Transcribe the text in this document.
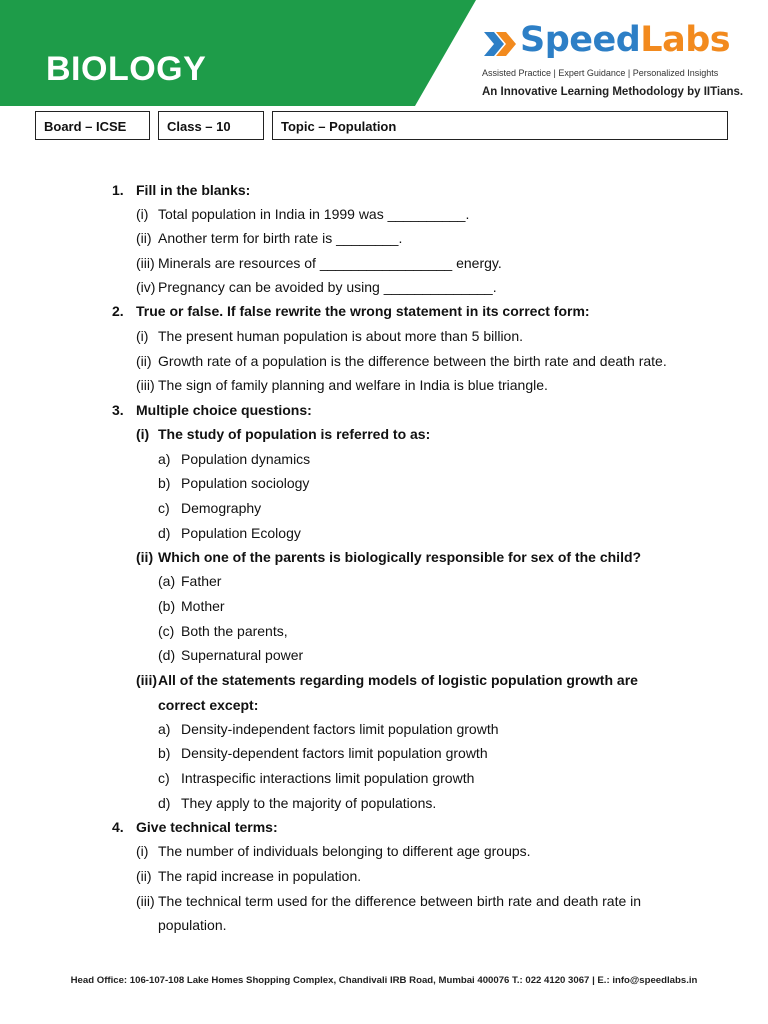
BIOLOGY
SpeedLabs
Assisted Practice | Expert Guidance | Personalized Insights
An Innovative Learning Methodology by IITians.
Board – ICSE	Class – 10	Topic – Population
1. Fill in the blanks:
(i) Total population in India in 1999 was __________.
(ii) Another term for birth rate is ________.
(iii) Minerals are resources of _________________ energy.
(iv) Pregnancy can be avoided by using ______________.
2. True or false. If false rewrite the wrong statement in its correct form:
(i) The present human population is about more than 5 billion.
(ii) Growth rate of a population is the difference between the birth rate and death rate.
(iii) The sign of family planning and welfare in India is blue triangle.
3. Multiple choice questions:
(i) The study of population is referred to as:
a) Population dynamics
b) Population sociology
c) Demography
d) Population Ecology
(ii) Which one of the parents is biologically responsible for sex of the child?
(a) Father
(b) Mother
(c) Both the parents,
(d) Supernatural power
(iii) All of the statements regarding models of logistic population growth are
correct except:
a) Density-independent factors limit population growth
b) Density-dependent factors limit population growth
c) Intraspecific interactions limit population growth
d) They apply to the majority of populations.
4. Give technical terms:
(i) The number of individuals belonging to different age groups.
(ii) The rapid increase in population.
(iii) The technical term used for the difference between birth rate and death rate in
population.
Head Office: 106-107-108 Lake Homes Shopping Complex, Chandivali IRB Road, Mumbai 400076 T.: 022 4120 3067 | E.: info@speedlabs.in
